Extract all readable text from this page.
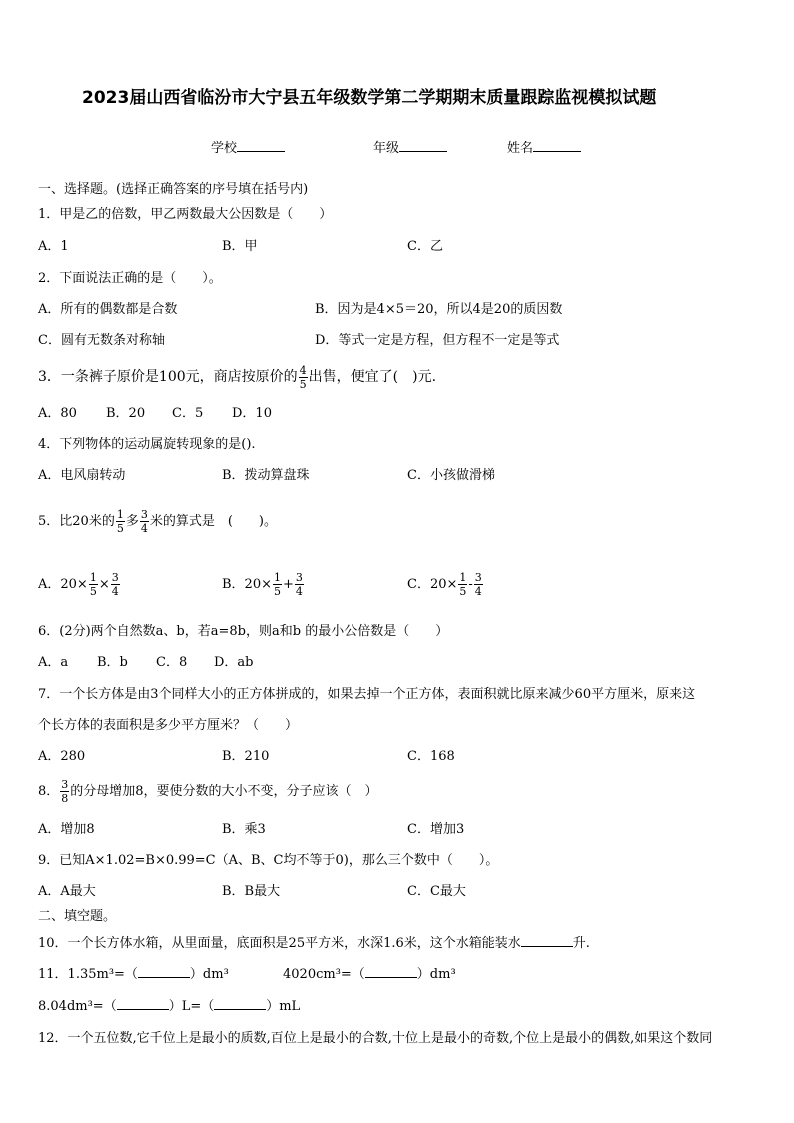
2023届山西省临汾市大宁县五年级数学第二学期期末质量跟踪监视模拟试题
学校	年级	姓名
一、选择题。(选择正确答案的序号填在括号内)
1．甲是乙的倍数，甲乙两数最大公因数是（　　）
A．1	B．甲	C．乙
2．下面说法正确的是（　　）。
A．所有的偶数都是合数	B．因为是4×5＝20，所以4是20的质因数
C．圆有无数条对称轴	D．等式一定是方程，但方程不一定是等式
3．一条裤子原价是100元，商店按原价的 $\frac{4}{5}$ 出售，便宜了(　)元.
A．80 B．20 C．5 D．10
4．下列物体的运动属旋转现象的是().
A．电风扇转动	B．拨动算盘珠	C．小孩做滑梯
5．比20米的 $\frac{1}{5}$ 多 $\frac{3}{4}$ 米的算式是　(　　)。
A．$20\times \frac{1}{5} \times \frac{3}{4}$	B．$20\times \frac{1}{5} + \frac{3}{4}$	C．$20\times \frac{1}{5} - \frac{3}{4}$
6．(2分)两个自然数a、b，若a=8b，则a和b 的最小公倍数是（　　）
A．a B．b C．8 D．ab
7．一个长方体是由3个同样大小的正方体拼成的，如果去掉一个正方体，表面积就比原来减少60平方厘米，原来这
个长方体的表面积是多少平方厘米？（　　）
A．280	B．210	C．168
8． $\frac{3}{8}$ 的分母增加8，要使分数的大小不变，分子应该（　）
A．增加8	B．乘3	C．增加3
9．已知A×1.02=B×0.99=C（A、B、C均不等于0)，那么三个数中（　　）。
A．A最大	B．B最大	C．C最大
二、填空题。
10．一个长方体水箱，从里面量，底面积是25平方米，水深1.6米，这个水箱能装水	升.
11．1.35m³=（	）dm³	4020cm³=（	）dm³
8.04dm³=（	）L=（	）mL
12．一个五位数,它千位上是最小的质数,百位上是最小的合数,十位上是最小的奇数,个位上是最小的偶数,如果这个数同
